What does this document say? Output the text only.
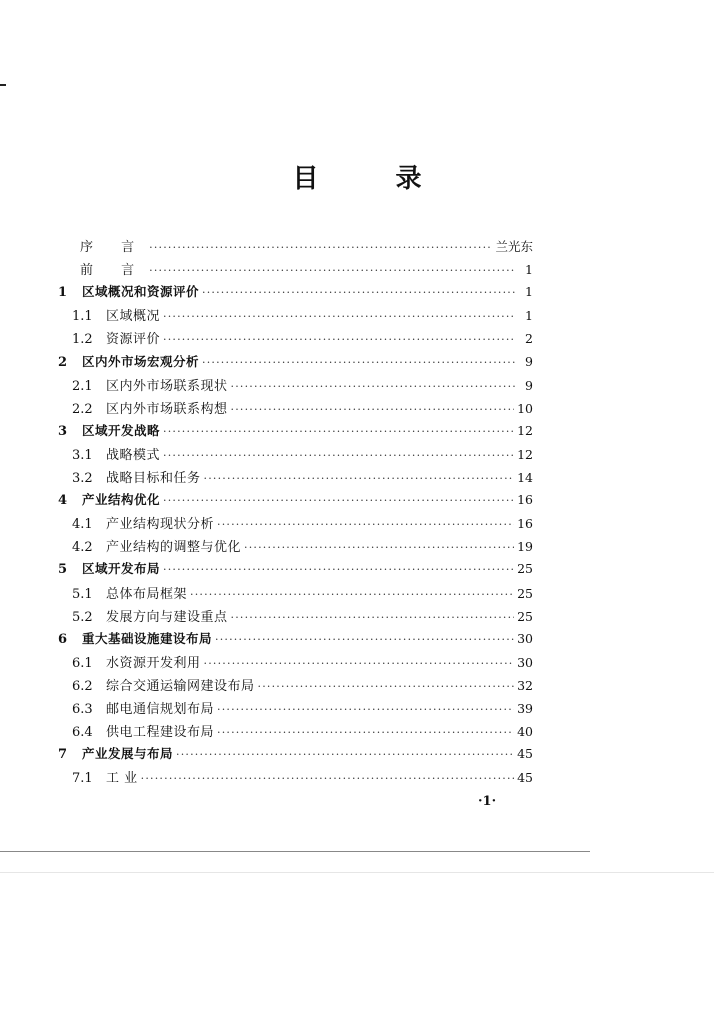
目 录
序 言 ·····	兰光东
前 言 ·····	1
1	区域概况和资源评价 ·····	1
1.1	区域概况 ·····	1
1.2	资源评价 ·····	2
2	区内外市场宏观分析 ·····	9
2.1	区内外市场联系现状 ·····	9
2.2	区内外市场联系构想 ·····	10
3	区域开发战略 ·····	12
3.1	战略模式 ·····	12
3.2	战略目标和任务 ·····	14
4	产业结构优化 ·····	16
4.1	产业结构现状分析 ·····	16
4.2	产业结构的调整与优化 ·····	19
5	区域开发布局 ·····	25
5.1	总体布局框架 ·····	25
5.2	发展方向与建设重点 ·····	25
6	重大基础设施建设布局 ·····	30
6.1	水资源开发利用 ·····	30
6.2	综合交通运输网建设布局 ·····	32
6.3	邮电通信规划布局 ·····	39
6.4	供电工程建设布局 ·····	40
7	产业发展与布局 ·····	45
7.1	工 业 ·····	45
·1·
